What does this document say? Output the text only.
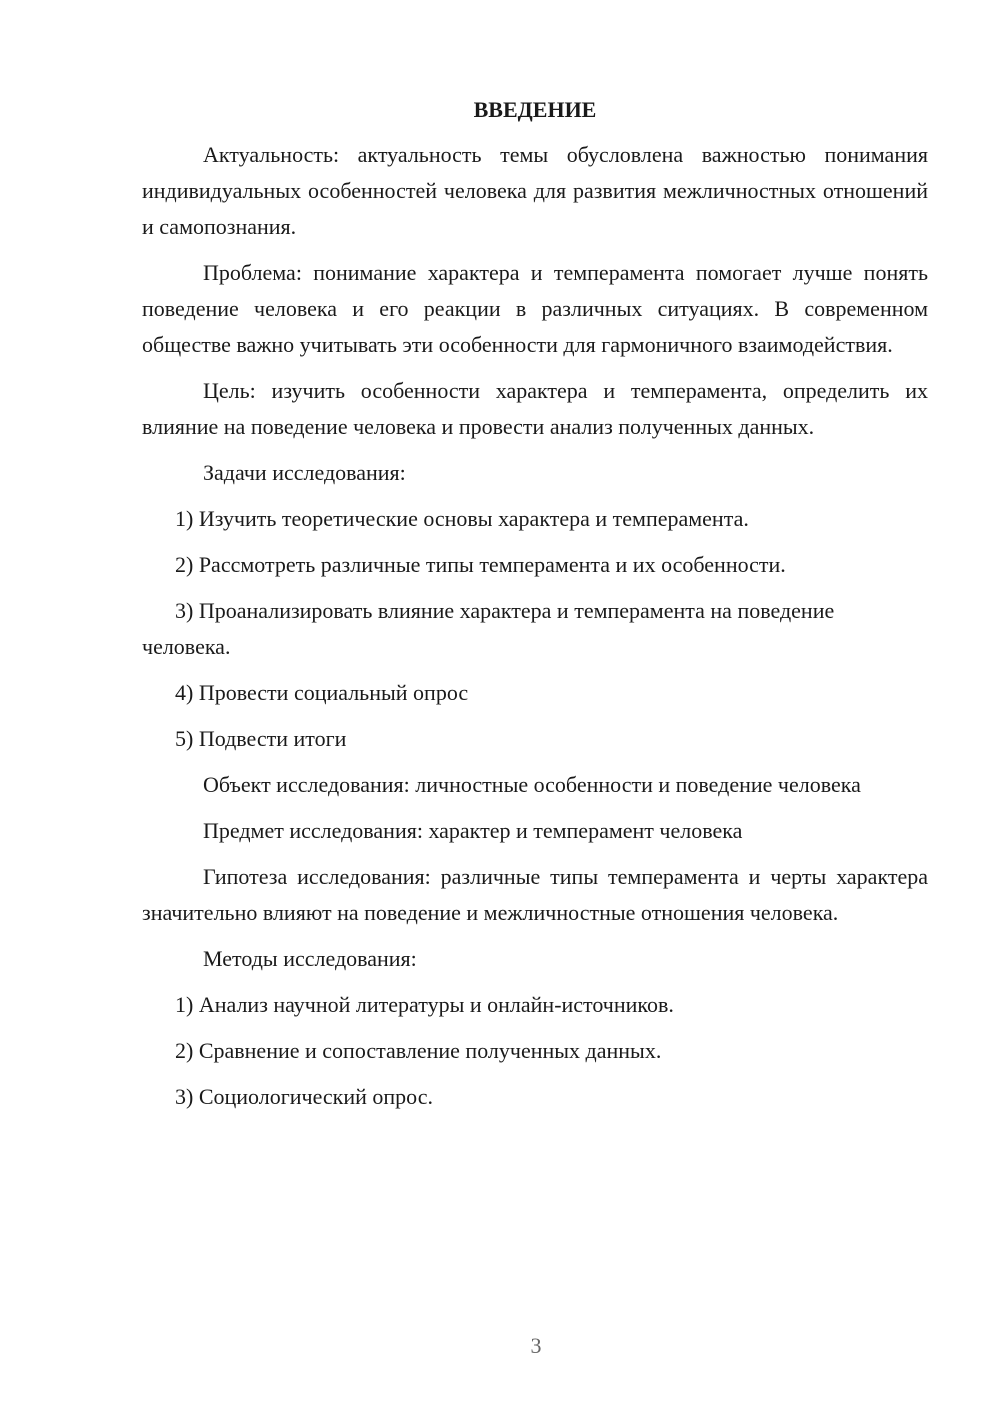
ВВЕДЕНИЕ

Актуальность: актуальность темы обусловлена важностью понимания индивидуальных особенностей человека для развития межличностных отношений и самопознания.

Проблема: понимание характера и темперамента помогает лучше понять поведение человека и его реакции в различных ситуациях. В современном обществе важно учитывать эти особенности для гармоничного взаимодействия.

Цель: изучить особенности характера и темперамента, определить их влияние на поведение человека и провести анализ полученных данных.

Задачи исследования:

1) Изучить теоретические основы характера и темперамента.

2) Рассмотреть различные типы темперамента и их особенности.

3) Проанализировать влияние характера и темперамента на поведение человека.

4) Провести социальный опрос

5) Подвести итоги

Объект исследования: личностные особенности и поведение человека

Предмет исследования: характер и темперамент человека

Гипотеза исследования: различные типы темперамента и черты характера значительно влияют на поведение и межличностные отношения человека.

Методы исследования:

1) Анализ научной литературы и онлайн-источников.

2) Сравнение и сопоставление полученных данных.

3) Социологический опрос.

3
